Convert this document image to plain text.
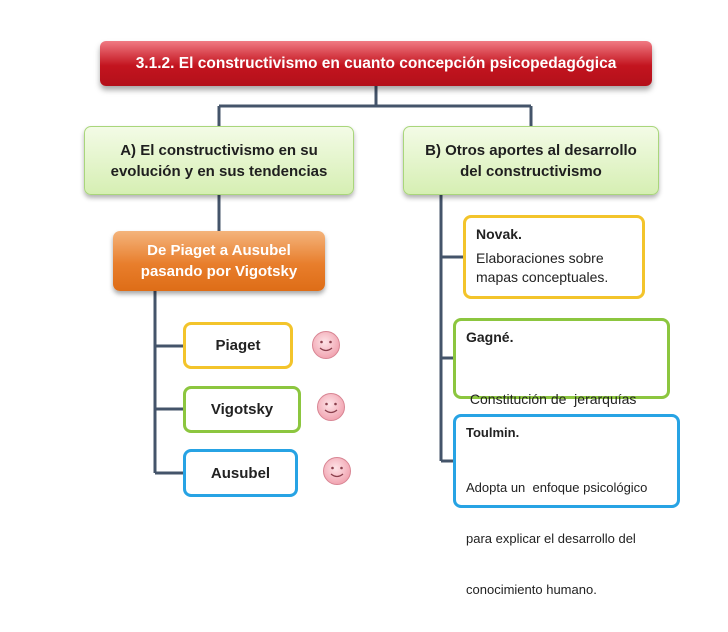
3.1.2. El constructivismo en cuanto concepción psicopedagógica
A) El constructivismo en su
evolución y en sus tendencias
B) Otros aportes al desarrollo
del constructivismo
De Piaget a Ausubel
pasando por Vigotsky
Piaget
Vigotsky
Ausubel
Novak.
Elaboraciones sobre
mapas conceptuales.
Gagné.

Constitución de  jerarquías

Toulmin.

Adopta un  enfoque psicológico

para explicar el desarrollo del

conocimiento humano.
